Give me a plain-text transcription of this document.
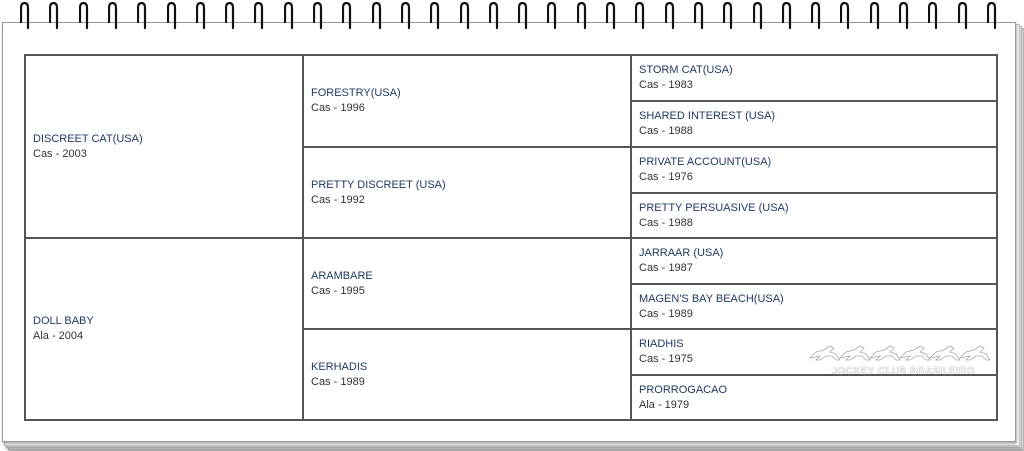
DISCREET CAT(USA)
Cas - 2003
DOLL BABY
Ala - 2004
FORESTRY(USA)
Cas - 1996
PRETTY DISCREET (USA)
Cas - 1992
ARAMBARE
Cas - 1995
KERHADIS
Cas - 1989
STORM CAT(USA)
Cas - 1983
SHARED INTEREST (USA)
Cas - 1988
PRIVATE ACCOUNT(USA)
Cas - 1976
PRETTY PERSUASIVE (USA)
Cas - 1988
JARRAAR (USA)
Cas - 1987
MAGEN'S BAY BEACH(USA)
Cas - 1989
RIADHIS
Cas - 1975
PRORROGACAO
Ala - 1979
JOCKEY CLUB BRASILEIRO
